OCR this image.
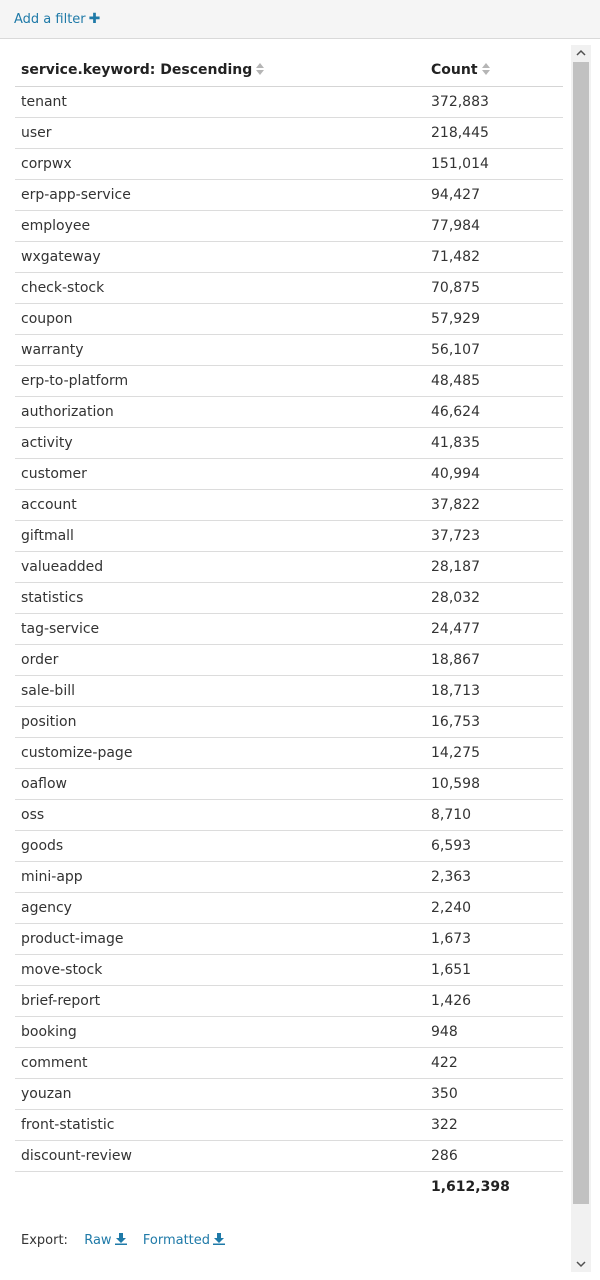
Add a filter ✚
service.keyword: Descending	Count
tenant	372,883
user	218,445
corpwx	151,014
erp-app-service	94,427
employee	77,984
wxgateway	71,482
check-stock	70,875
coupon	57,929
warranty	56,107
erp-to-platform	48,485
authorization	46,624
activity	41,835
customer	40,994
account	37,822
giftmall	37,723
valueadded	28,187
statistics	28,032
tag-service	24,477
order	18,867
sale-bill	18,713
position	16,753
customize-page	14,275
oaflow	10,598
oss	8,710
goods	6,593
mini-app	2,363
agency	2,240
product-image	1,673
move-stock	1,651
brief-report	1,426
booking	948
comment	422
youzan	350
front-statistic	322
discount-review	286
	1,612,398
Export: Raw Formatted
